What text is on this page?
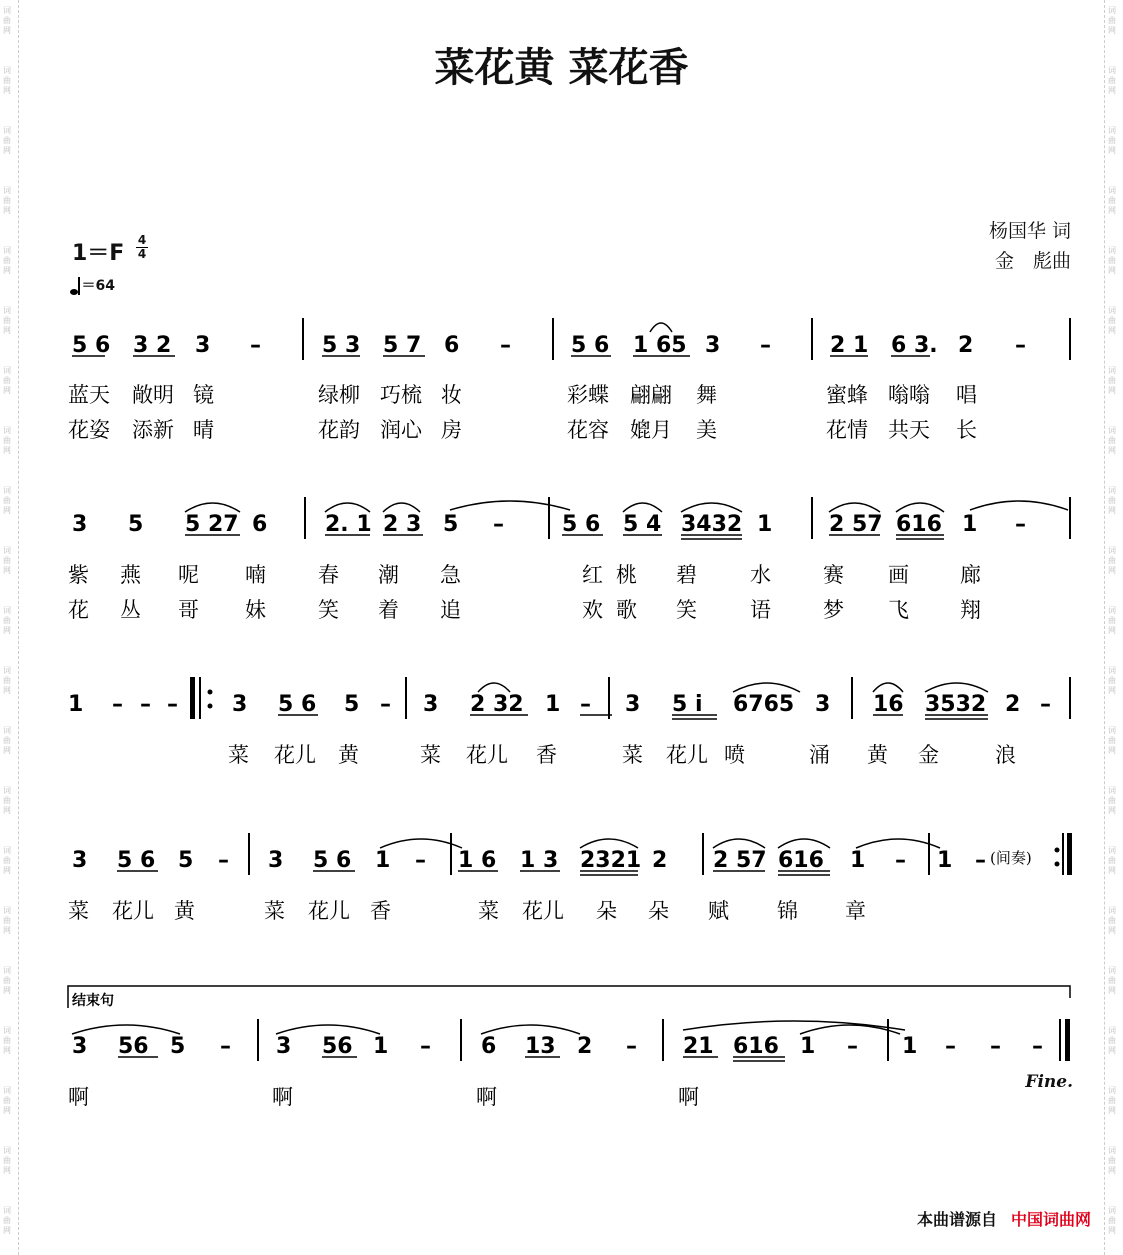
词曲网
词曲网
词曲网
词曲网
词曲网
词曲网
词曲网
词曲网
词曲网
词曲网
词曲网
词曲网
词曲网
词曲网
词曲网
词曲网
词曲网
词曲网
词曲网
词曲网
词曲网
词曲网
词曲网
词曲网
词曲网
词曲网
词曲网
词曲网
词曲网
词曲网
词曲网
词曲网
词曲网
词曲网
词曲网
词曲网
词曲网
词曲网
词曲网
词曲网
词曲网
词曲网
菜花黄 菜花香
杨国华 词
金　彪曲
1＝F
4
4
＝64
5 6 3 2 3 –	5 3 5 7 6 –	5 6 1 65 3 –	2 1 6 3. 2 –
蓝天 敞明 镜	绿柳 巧梳 妆	彩蝶 翩翩 舞	蜜蜂 嗡嗡 唱
花姿 添新 晴	花韵 润心 房	花容 媲月 美	花情 共天 长
3 5 5 27 6	2. 1 2 3 5 –	5 6 5 4 3432 1	2 57 616 1 –
紫 燕 呢 喃 春 潮 急	红 桃 碧	水 赛 画 廊
花 丛 哥 妹 笑 着 追	欢 歌 笑	语 梦 飞 翔
1 – – – 3 5 6 5 – 3 2 32 1 – 3 5 i 6765 3 16 3532 2 –
菜 花儿 黄	菜 花儿 香	菜 花儿 喷	涌 黄 金	浪
3 5 6 5 – 3 5 6 1 – 1 6 1 3 2321 2 2 57 616 1 – 1 –
菜 花儿 黄	菜 花儿 香	菜 花儿 朵 朵 赋 锦 章
3 56 5 – 3 56 1 – 6 13 2 – 21 616 1 – 1 – – –
啊	啊	啊	啊
(间奏)
结束句
Fine.
本曲谱源自 中国词曲网
